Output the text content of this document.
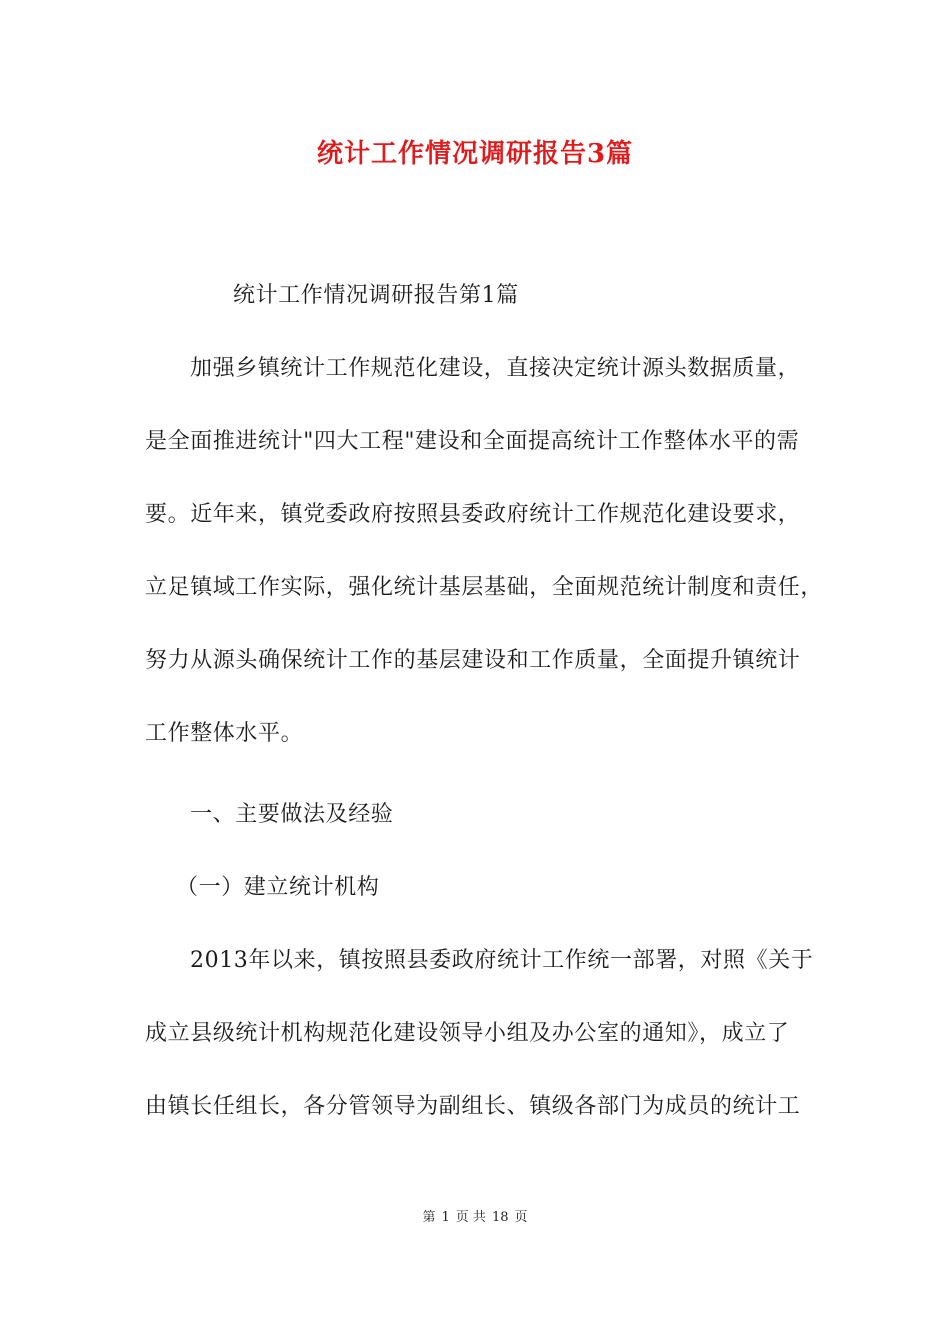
统计工作情况调研报告3篇
统计工作情况调研报告第1篇
加强乡镇统计工作规范化建设，直接决定统计源头数据质量，
是全面推进统计"四大工程"建设和全面提高统计工作整体水平的需
要。近年来，镇党委政府按照县委政府统计工作规范化建设要求，
立足镇域工作实际，强化统计基层基础，全面规范统计制度和责任，
努力从源头确保统计工作的基层建设和工作质量，全面提升镇统计
工作整体水平。
一、主要做法及经验
（一）建立统计机构
2013年以来，镇按照县委政府统计工作统一部署，对照《关于
成立县级统计机构规范化建设领导小组及办公室的通知》，成立了
由镇长任组长，各分管领导为副组长、镇级各部门为成员的统计工
第 1 页 共 18 页
